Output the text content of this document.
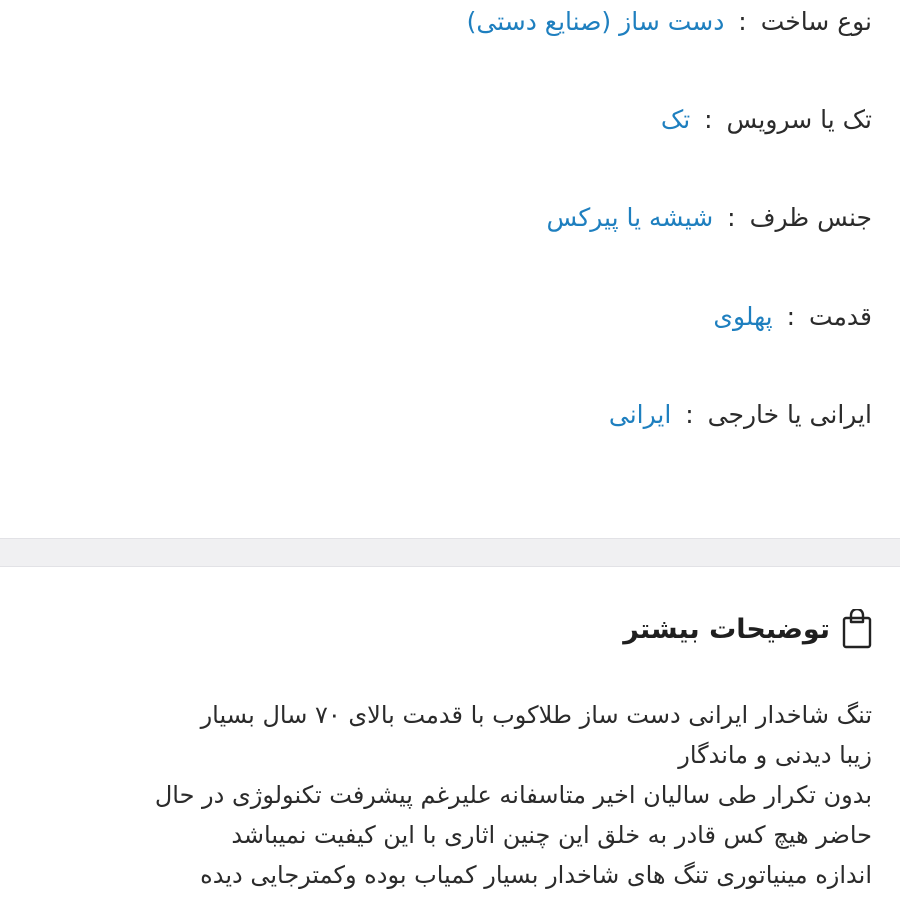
نوع ساخت : دست ساز (صنایع دستی)
تک یا سرویس : تک
جنس ظرف : شیشه یا پیرکس
قدمت : پهلوی
ایرانی یا خارجی : ایرانی
توضیحات بیشتر
تنگ شاخدار ایرانی دست ساز طلاکوب با قدمت بالای ۷۰ سال بسیار
زیبا دیدنی و ماندگار
بدون تکرار طی سالیان اخیر متاسفانه علیرغم پیشرفت تکنولوژی در حال
حاضر هیچ کس قادر به خلق این چنین اثاری با این کیفیت نمیباشد
اندازه مینیاتوری تنگ های شاخدار بسیار کمیاب بوده وکمترجایی دیده
